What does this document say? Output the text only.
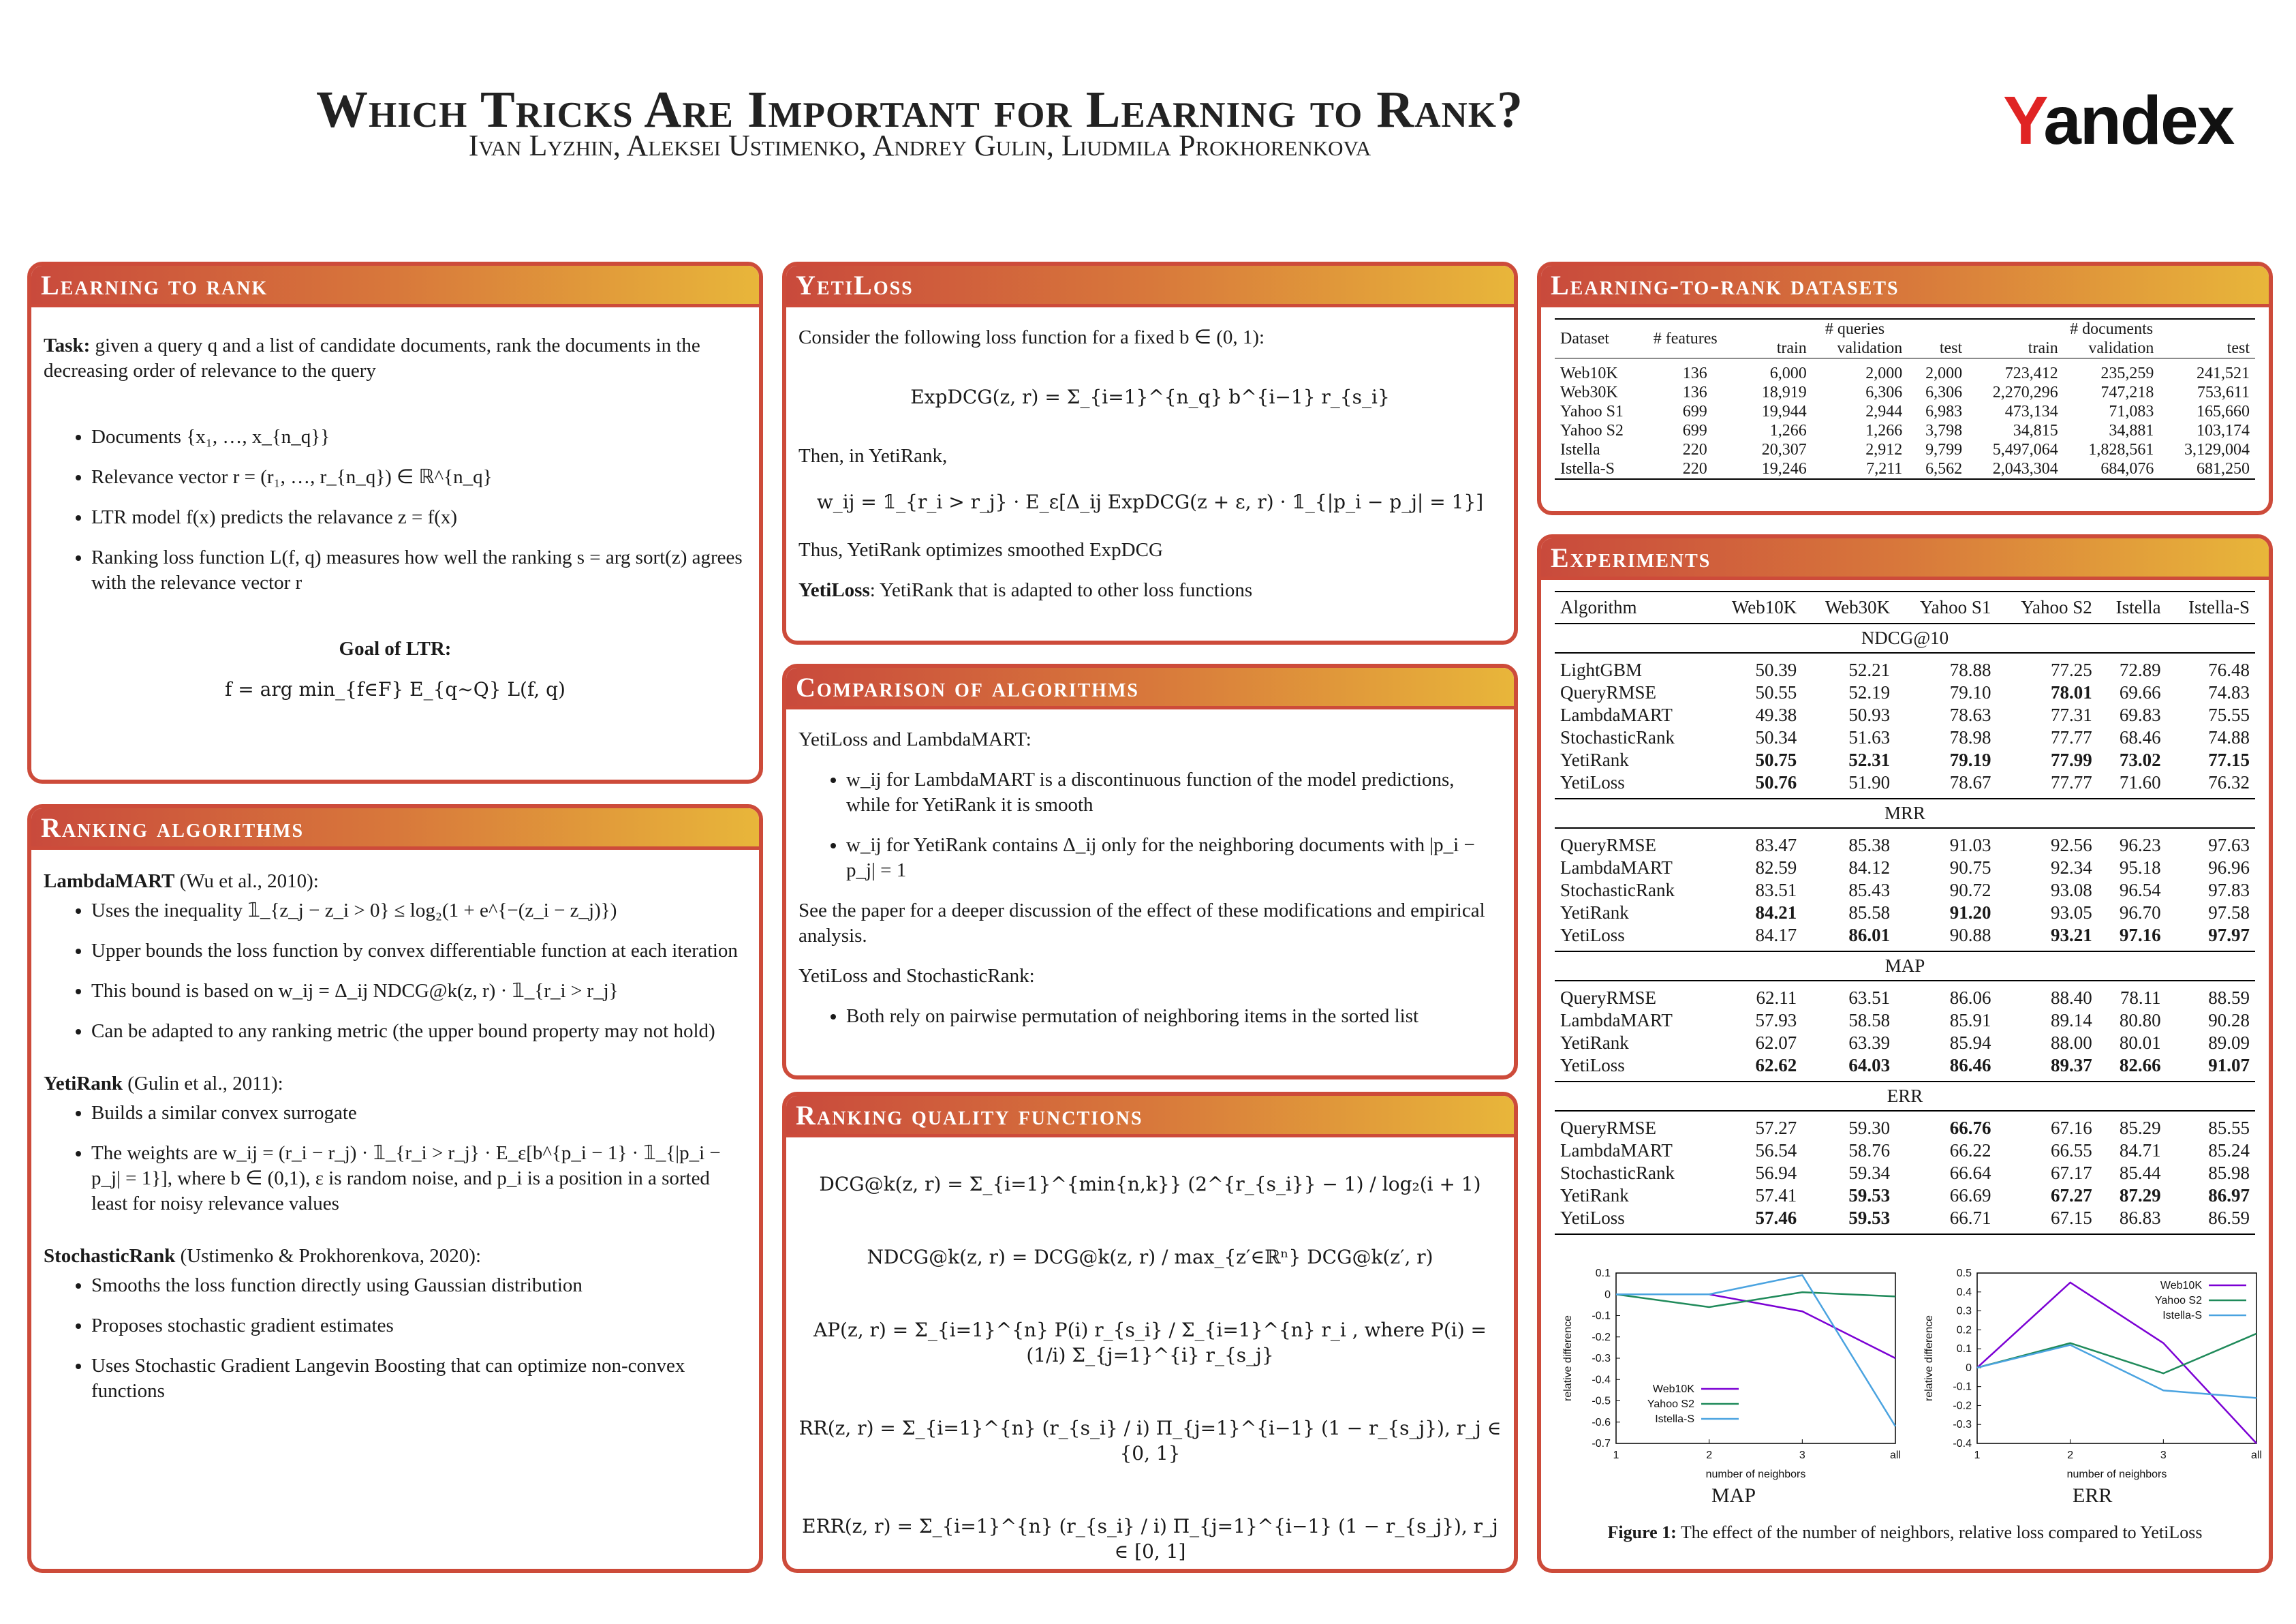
Which Tricks Are Important for Learning to Rank?
Ivan Lyzhin, Aleksei Ustimenko, Andrey Gulin, Liudmila Prokhorenkova	Yandex
Learning to rank

Task: given a query q and a list of candidate documents, rank the documents in the decreasing order of relevance to the query

• Documents {x₁, …, x_{n_q}}
• Relevance vector r = (r₁, …, r_{n_q}) ∈ ℝ^{n_q}
• LTR model f(x) predicts the relavance z = f(x)
• Ranking loss function L(f, q) measures how well the ranking s = arg sort(z) agrees with the relevance vector r

Goal of LTR:

f = arg min_{f∈F} E_{q∼Q} L(f, q)
Ranking algorithms

LambdaMART (Wu et al., 2010):

• Uses the inequality 𝟙_{z_j − z_i > 0} ≤ log₂(1 + e^{−(z_i − z_j)})
• Upper bounds the loss function by convex differentiable function at each iteration
• This bound is based on w_ij = Δ_ij NDCG@k(z, r) · 𝟙_{r_i > r_j}
• Can be adapted to any ranking metric (the upper bound property may not hold)

YetiRank (Gulin et al., 2011):

• Builds a similar convex surrogate
• The weights are w_ij = (r_i − r_j) · 𝟙_{r_i > r_j} · E_ε[b^{p_i − 1} · 𝟙_{|p_i − p_j| = 1}], where b ∈ (0,1), ε is random noise, and p_i is a position in a sorted least for noisy relevance values

StochasticRank (Ustimenko & Prokhorenkova, 2020):

• Smooths the loss function directly using Gaussian distribution
• Proposes stochastic gradient estimates
• Uses Stochastic Gradient Langevin Boosting that can optimize non-convex functions
YetiLoss

Consider the following loss function for a fixed b ∈ (0, 1):

ExpDCG(z, r) = Σ_{i=1}^{n_q} b^{i−1} r_{s_i}

Then, in YetiRank,

w_ij = 𝟙_{r_i > r_j} · E_ε[Δ_ij ExpDCG(z + ε, r) · 𝟙_{|p_i − p_j| = 1}]

Thus, YetiRank optimizes smoothed ExpDCG

YetiLoss: YetiRank that is adapted to other loss functions

Comparison of algorithms

YetiLoss and LambdaMART:

• w_ij for LambdaMART is a discontinuous function of the model predictions, while for YetiRank it is smooth
• w_ij for YetiRank contains Δ_ij only for the neighboring documents with |p_i − p_j| = 1

See the paper for a deeper discussion of the effect of these modifications and empirical analysis.

YetiLoss and StochasticRank:

• Both rely on pairwise permutation of neighboring items in the sorted list
Ranking quality functions
DCG@k(z, r) = Σ_{i=1}^{min{n,k}} (2^{r_{s_i}} − 1) / log₂(i + 1)
NDCG@k(z, r) = DCG@k(z, r) / max_{z′∈ℝⁿ} DCG@k(z′, r)
AP(z, r) = Σ_{i=1}^{n} P(i) r_{s_i} / Σ_{i=1}^{n} r_i , where P(i) = (1/i) Σ_{j=1}^{i} r_{s_j}
RR(z, r) = Σ_{i=1}^{n} (r_{s_i} / i) Π_{j=1}^{i−1} (1 − r_{s_j}), r_j ∈ {0, 1}
ERR(z, r) = Σ_{i=1}^{n} (r_{s_i} / i) Π_{j=1}^{i−1} (1 − r_{s_j}), r_j ∈ [0, 1]
Learning-to-rank datasets
Dataset	# features	# queries			# documents		
		train	validation	test	train	validation	test
Web10K	136	6,000	2,000	2,000	723,412	235,259	241,521
Web30K	136	18,919	6,306	6,306	2,270,296	747,218	753,611
Yahoo S1	699	19,944	2,944	6,983	473,134	71,083	165,660
Yahoo S2	699	1,266	1,266	3,798	34,815	34,881	103,174
Istella	220	20,307	2,912	9,799	5,497,064	1,828,561	3,129,004
Istella-S	220	19,246	7,211	6,562	2,043,304	684,076	681,250
Experiments
Algorithm	Web10K	Web30K	Yahoo S1	Yahoo S2	Istella	Istella-S
NDCG@10						
LightGBM	50.39	52.21	78.88	77.25	72.89	76.48
QueryRMSE	50.55	52.19	79.10	78.01	69.66	74.83
LambdaMART	49.38	50.93	78.63	77.31	69.83	75.55
StochasticRank	50.34	51.63	78.98	77.77	68.46	74.88
YetiRank	50.75	52.31	79.19	77.99	73.02	77.15
YetiLoss	50.76	51.90	78.67	77.77	71.60	76.32
MRR						
QueryRMSE	83.47	85.38	91.03	92.56	96.23	97.63
LambdaMART	82.59	84.12	90.75	92.34	95.18	96.96
StochasticRank	83.51	85.43	90.72	93.08	96.54	97.83
YetiRank	84.21	85.58	91.20	93.05	96.70	97.58
YetiLoss	84.17	86.01	90.88	93.21	97.16	97.97
MAP						
QueryRMSE	62.11	63.51	86.06	88.40	78.11	88.59
LambdaMART	57.93	58.58	85.91	89.14	80.80	90.28
YetiRank	62.07	63.39	85.94	88.00	80.01	89.09
YetiLoss	62.62	64.03	86.46	89.37	82.66	91.07
ERR						
QueryRMSE	57.27	59.30	66.76	67.16	85.29	85.55
LambdaMART	56.54	58.76	66.22	66.55	84.71	85.24
StochasticRank	56.94	59.34	66.64	67.17	85.44	85.98
YetiRank	57.41	59.53	66.69	67.27	87.29	86.97
YetiLoss	57.46	59.53	66.71	67.15	86.83	86.59
0.1
0
-0.1
-0.2
-0.3
-0.4
-0.5
-0.6
-0.7
1	2	3	all
number of neighbors
relative difference	Web10K
Yahoo S2
Istella-S
0.5
0.4
0.3
0.2
0.1
0
-0.1
-0.2
-0.3
-0.4
1	2	3	all
number of neighbors
relative difference
Web10K
Yahoo S2
Istella-S
MAP	ERR
Figure 1: The effect of the number of neighbors, relative loss compared to YetiLoss
